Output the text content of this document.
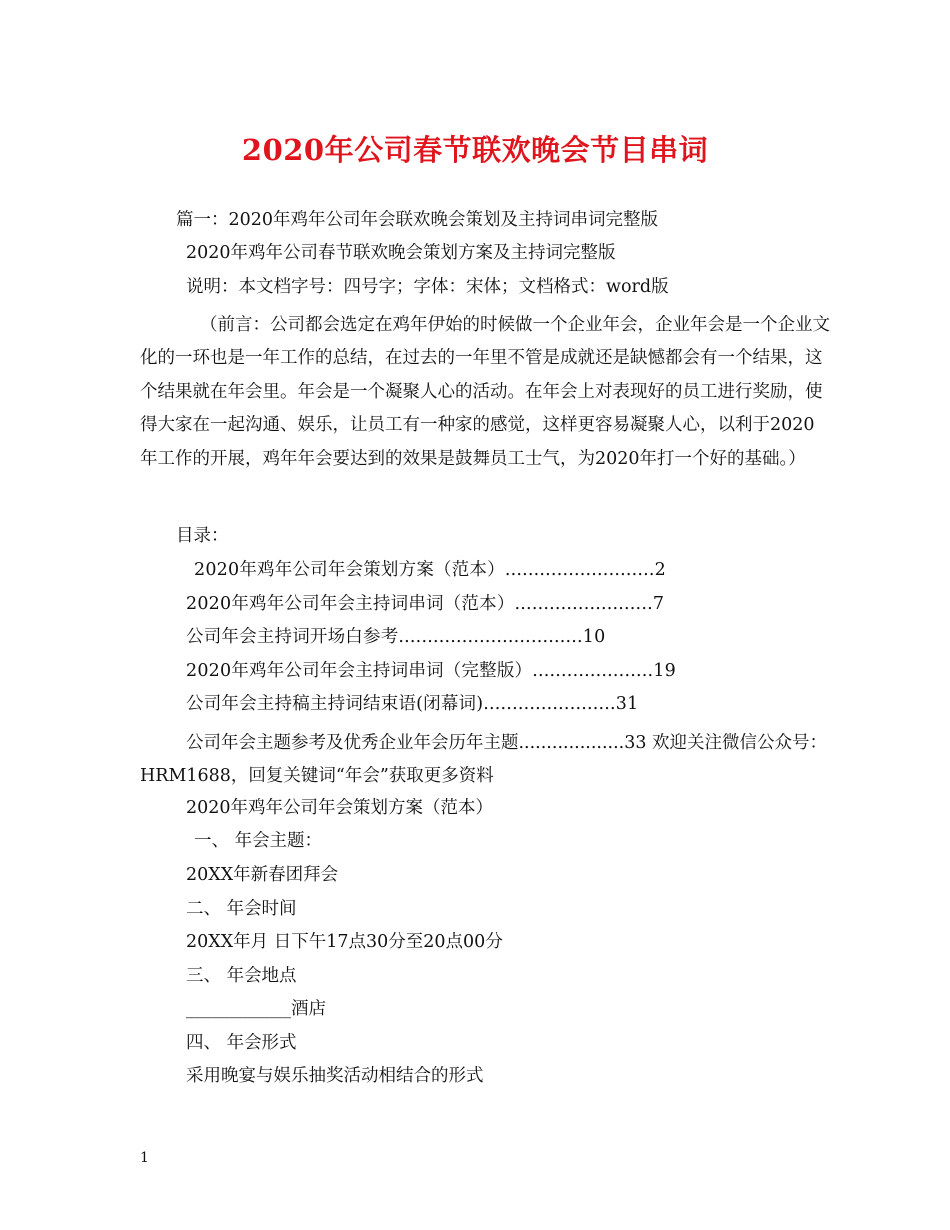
2020年公司春节联欢晚会节目串词
篇一：2020年鸡年公司年会联欢晚会策划及主持词串词完整版
2020年鸡年公司春节联欢晚会策划方案及主持词完整版
说明：本文档字号：四号字；字体：宋体；文档格式：word版
（前言：公司都会选定在鸡年伊始的时候做一个企业年会，企业年会是一个企业文化的一环也是一年工作的总结，在过去的一年里不管是成就还是缺憾都会有一个结果，这个结果就在年会里。年会是一个凝聚人心的活动。在年会上对表现好的员工进行奖励，使得大家在一起沟通、娱乐，让员工有一种家的感觉，这样更容易凝聚人心，以利于2020年工作的开展，鸡年年会要达到的效果是鼓舞员工士气，为2020年打一个好的基础。）
目录：
2020年鸡年公司年会策划方案（范本）..........................2
2020年鸡年公司年会主持词串词（范本）........................7
公司年会主持词开场白参考................................10
2020年鸡年公司年会主持词串词（完整版）.....................19
公司年会主持稿主持词结束语(闭幕词).......................31
公司年会主题参考及优秀企业年会历年主题...................33 欢迎关注微信公众号：HRM1688，回复关键词“年会”获取更多资料
2020年鸡年公司年会策划方案（范本）
一、 年会主题：
20XX年新春团拜会
二、 年会时间
20XX年月 日下午17点30分至20点00分
三、 年会地点
____________酒店
四、 年会形式
采用晚宴与娱乐抽奖活动相结合的形式
1
